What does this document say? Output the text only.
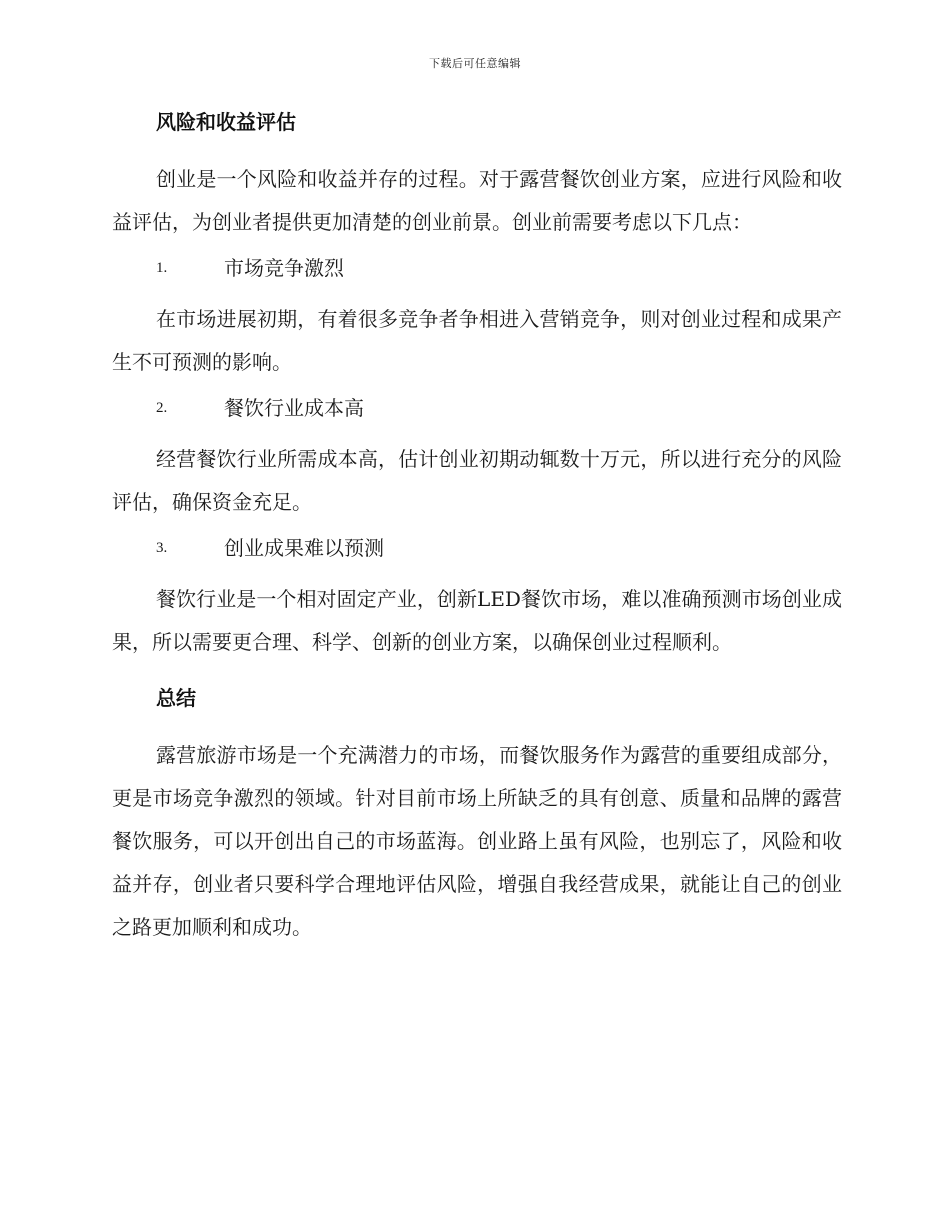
下载后可任意编辑
风险和收益评估

创业是一个风险和收益并存的过程。对于露营餐饮创业方案，应进行风险和收益评估，为创业者提供更加清楚的创业前景。创业前需要考虑以下几点：

1.	市场竞争激烈

在市场进展初期，有着很多竞争者争相进入营销竞争，则对创业过程和成果产生不可预测的影响。

2.	餐饮行业成本高

经营餐饮行业所需成本高，估计创业初期动辄数十万元，所以进行充分的风险评估，确保资金充足。

3.	创业成果难以预测

餐饮行业是一个相对固定产业，创新LED餐饮市场，难以准确预测市场创业成果，所以需要更合理、科学、创新的创业方案，以确保创业过程顺利。

总结

露营旅游市场是一个充满潜力的市场，而餐饮服务作为露营的重要组成部分，更是市场竞争激烈的领域。针对目前市场上所缺乏的具有创意、质量和品牌的露营餐饮服务，可以开创出自己的市场蓝海。创业路上虽有风险，也别忘了，风险和收益并存，创业者只要科学合理地评估风险，增强自我经营成果，就能让自己的创业之路更加顺利和成功。
